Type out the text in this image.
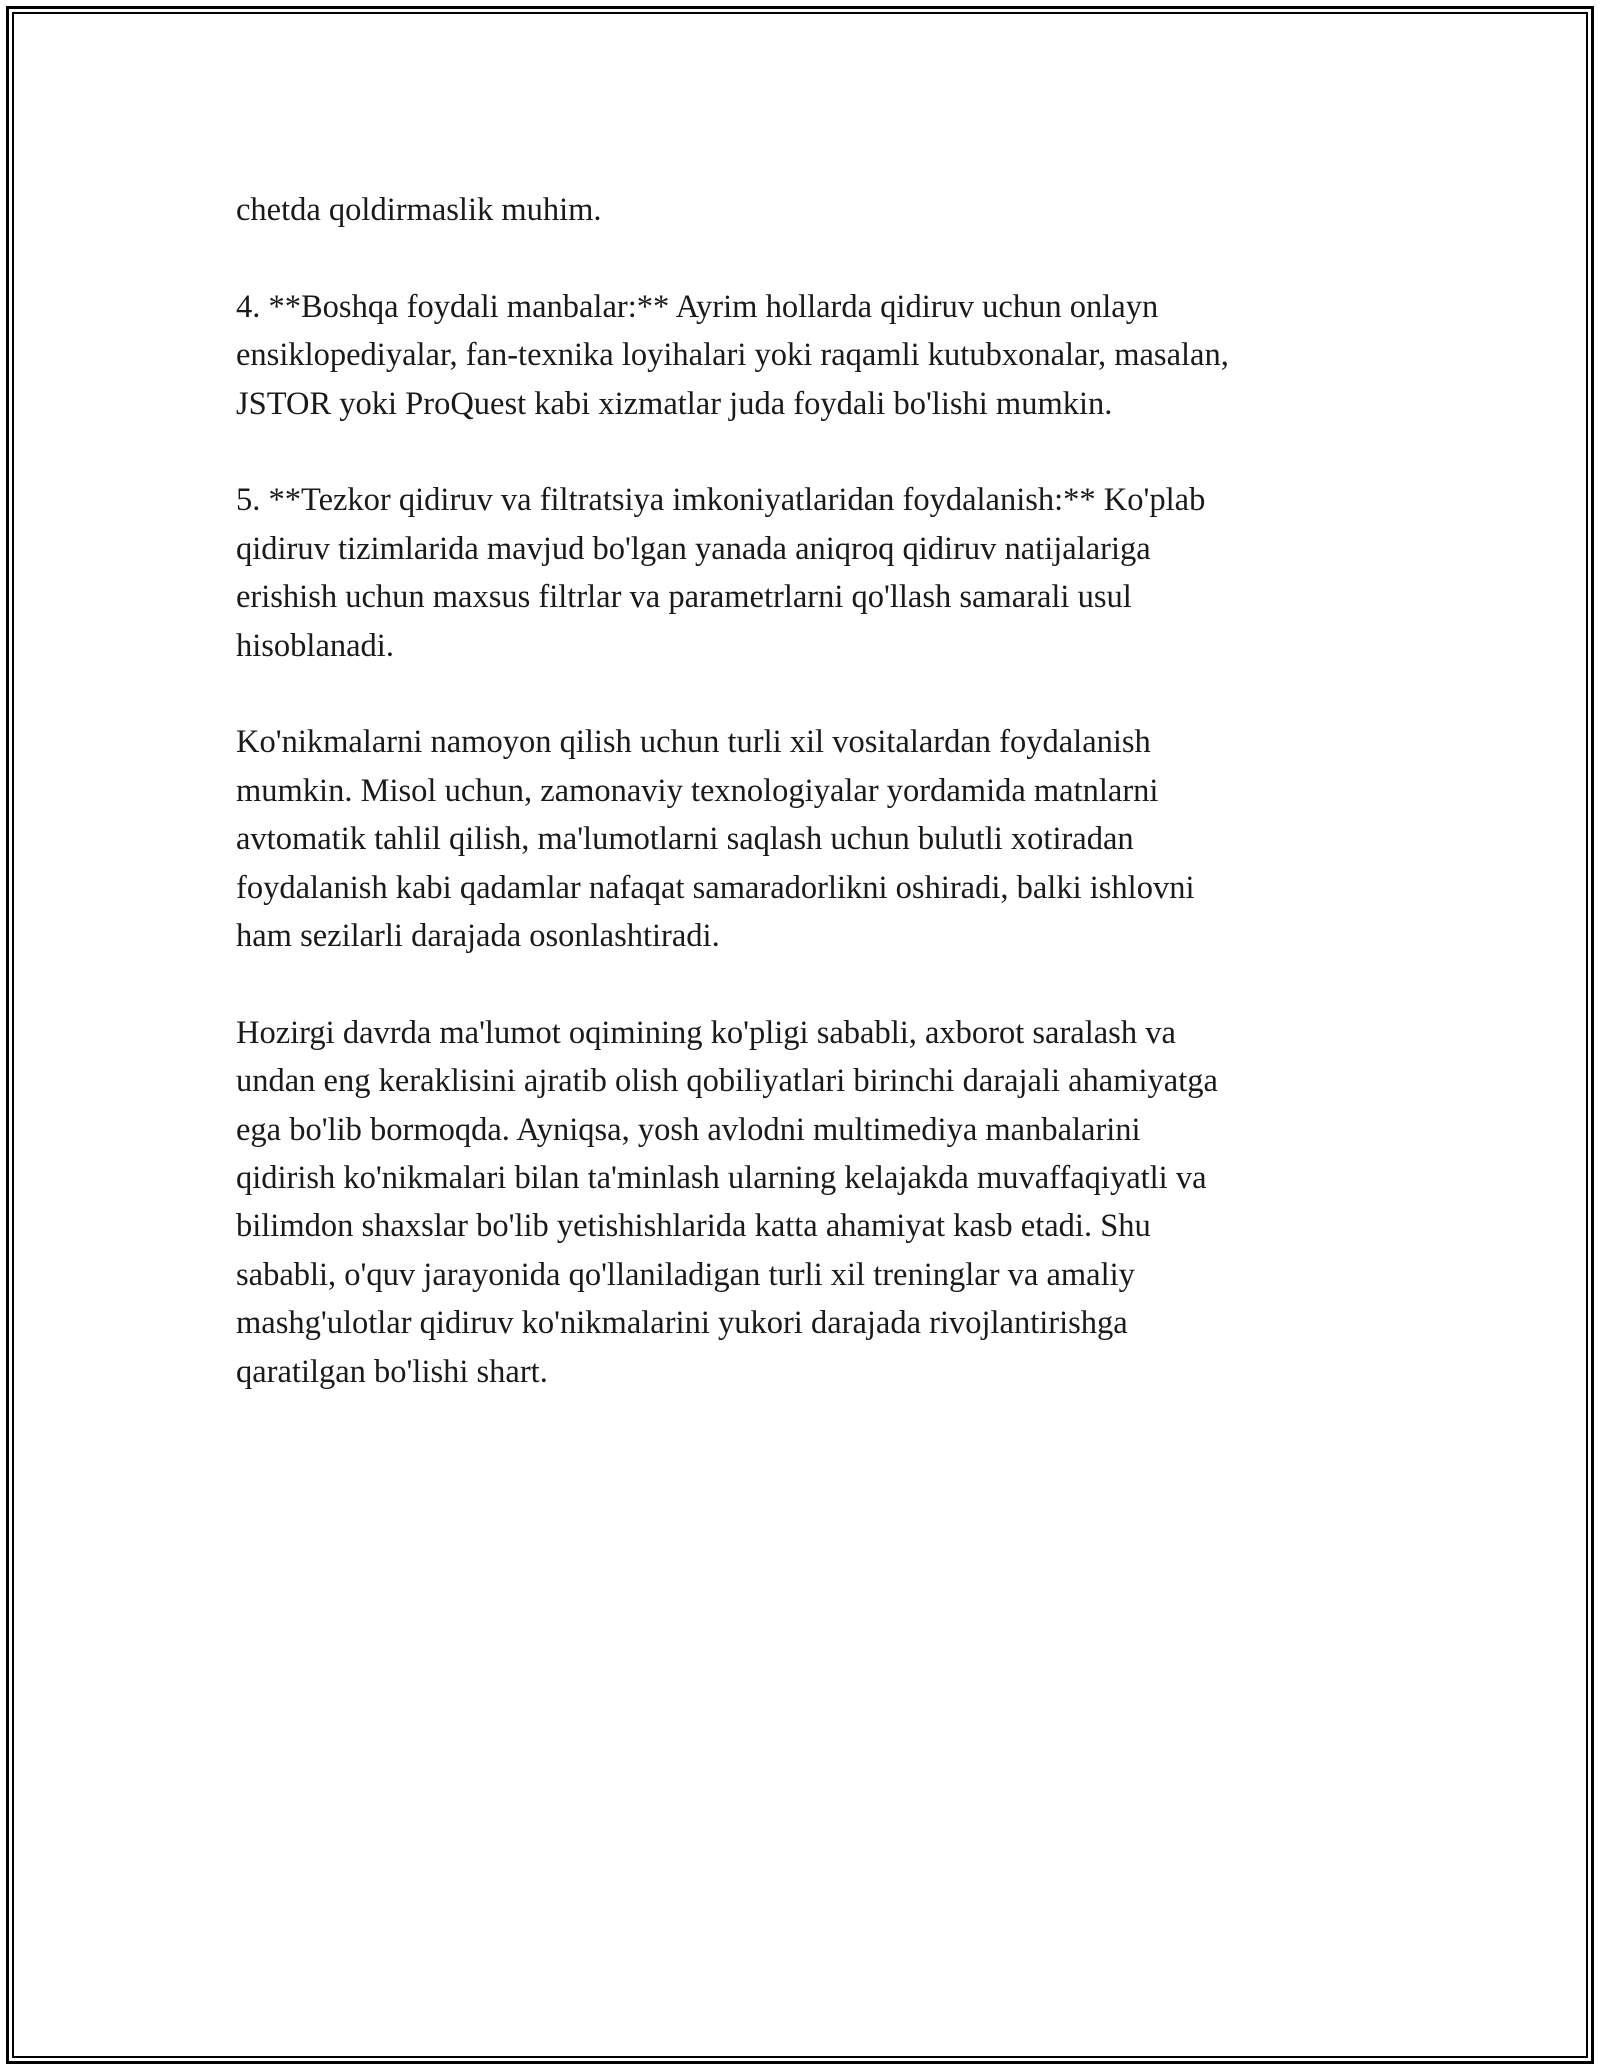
chetda qoldirmaslik muhim.

4. **Boshqa foydali manbalar:** Ayrim hollarda qidiruv uchun onlayn
ensiklopediyalar, fan-texnika loyihalari yoki raqamli kutubxonalar, masalan,
JSTOR yoki ProQuest kabi xizmatlar juda foydali bo'lishi mumkin.

5. **Tezkor qidiruv va filtratsiya imkoniyatlaridan foydalanish:** Ko'plab
qidiruv tizimlarida mavjud bo'lgan yanada aniqroq qidiruv natijalariga
erishish uchun maxsus filtrlar va parametrlarni qo'llash samarali usul
hisoblanadi.

Ko'nikmalarni namoyon qilish uchun turli xil vositalardan foydalanish
mumkin. Misol uchun, zamonaviy texnologiyalar yordamida matnlarni
avtomatik tahlil qilish, ma'lumotlarni saqlash uchun bulutli xotiradan
foydalanish kabi qadamlar nafaqat samaradorlikni oshiradi, balki ishlovni
ham sezilarli darajada osonlashtiradi.

Hozirgi davrda ma'lumot oqimining ko'pligi sababli, axborot saralash va
undan eng keraklisini ajratib olish qobiliyatlari birinchi darajali ahamiyatga
ega bo'lib bormoqda. Ayniqsa, yosh avlodni multimediya manbalarini
qidirish ko'nikmalari bilan ta'minlash ularning kelajakda muvaffaqiyatli va
bilimdon shaxslar bo'lib yetishishlarida katta ahamiyat kasb etadi. Shu
sababli, o'quv jarayonida qo'llaniladigan turli xil treninglar va amaliy
mashg'ulotlar qidiruv ko'nikmalarini yukori darajada rivojlantirishga
qaratilgan bo'lishi shart.
